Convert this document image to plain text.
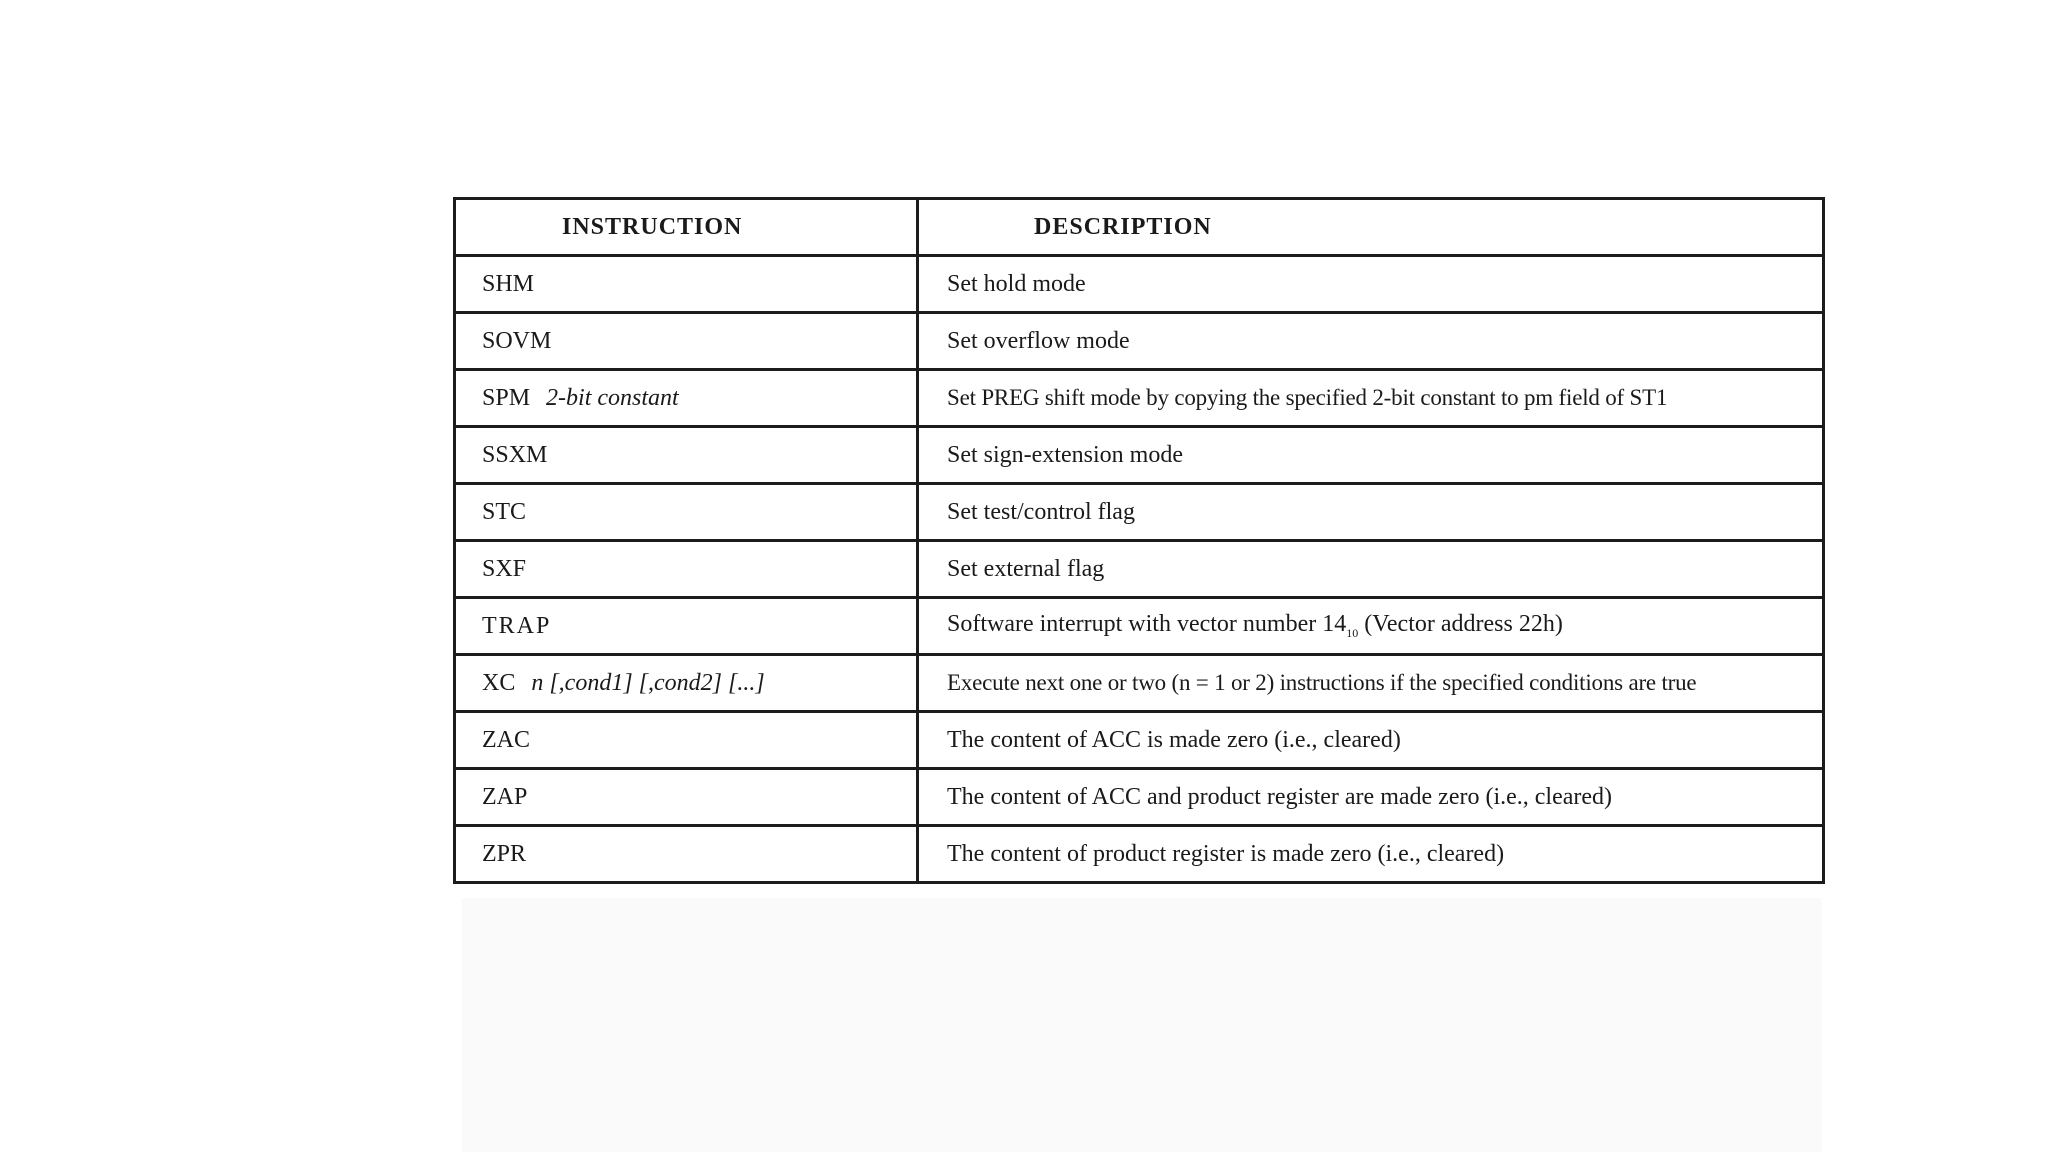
INSTRUCTION	DESCRIPTION
SHM	Set hold mode
SOVM	Set overflow mode
SPM 2-bit constant	Set PREG shift mode by copying the specified 2-bit constant to pm field of ST1
SSXM	Set sign-extension mode
STC	Set test/control flag
SXF	Set external flag
TRAP	Software interrupt with vector number $14_{10}$ (Vector address 22h)
XC n [,cond1] [,cond2] [...]	Execute next one or two (n = 1 or 2) instructions if the specified conditions are true
ZAC	The content of ACC is made zero (i.e., cleared)
ZAP	The content of ACC and product register are made zero (i.e., cleared)
ZPR	The content of product register is made zero (i.e., cleared)
